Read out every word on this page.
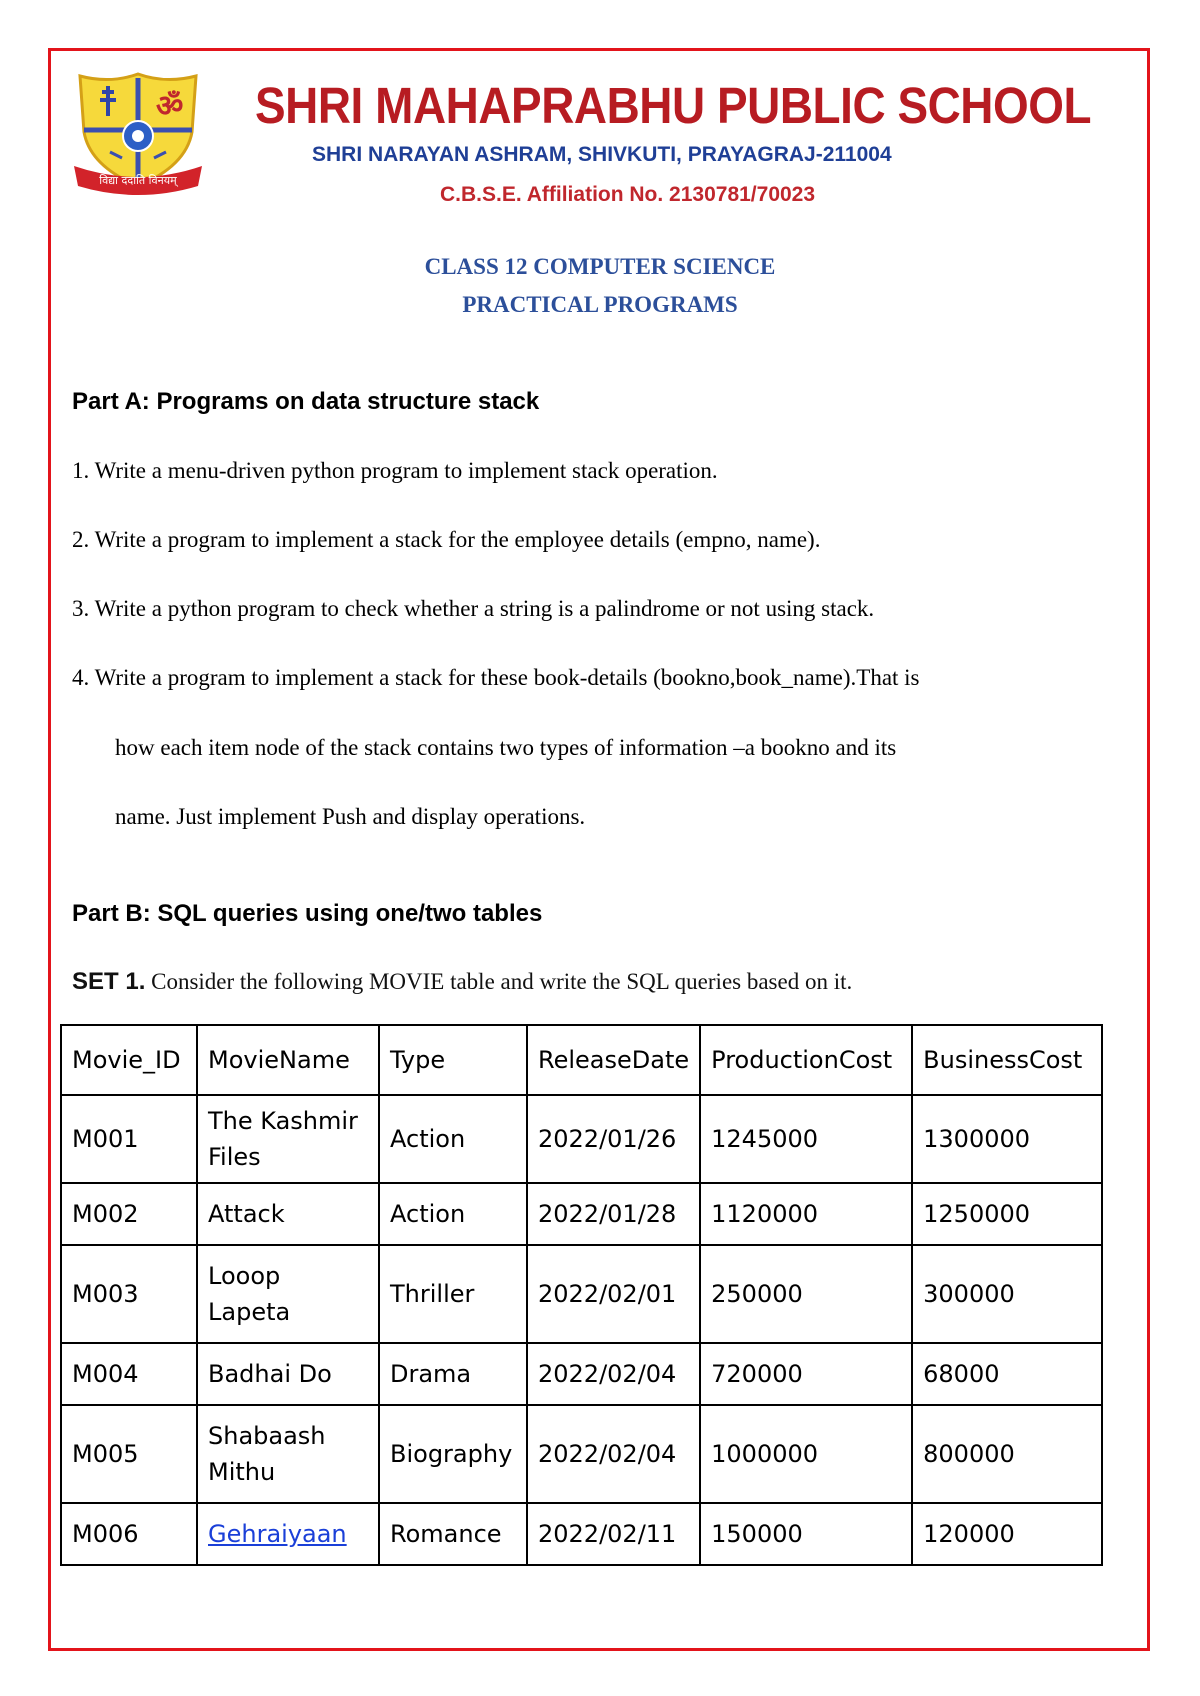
ॐ
विद्या ददाति विनयम्
SHRI MAHAPRABHU PUBLIC SCHOOL
SHRI NARAYAN ASHRAM, SHIVKUTI, PRAYAGRAJ-211004
C.B.S.E. Affiliation No. 2130781/70023
CLASS 12 COMPUTER SCIENCE
PRACTICAL PROGRAMS
Part A: Programs on data structure stack
1. Write a menu-driven python program to implement stack operation.
2. Write a program to implement a stack for the employee details (empno, name).
3. Write a python program to check whether a string is a palindrome or not using stack.
4. Write a program to implement a stack for these book-details (bookno,book_name).That is
how each item node of the stack contains two types of information –a bookno and its
name. Just implement Push and display operations.
Part B: SQL queries using one/two tables
SET 1. Consider the following MOVIE table and write the SQL queries based on it.
Movie_ID	MovieName	Type	ReleaseDate	ProductionCost	BusinessCost
M001	The Kashmir Files	Action	2022/01/26	1245000	1300000
M002	Attack	Action	2022/01/28	1120000	1250000
M003	Looop Lapeta	Thriller	2022/02/01	250000	300000
M004	Badhai Do	Drama	2022/02/04	720000	68000
M005	Shabaash Mithu	Biography	2022/02/04	1000000	800000
M006	Gehraiyaan	Romance	2022/02/11	150000	120000
